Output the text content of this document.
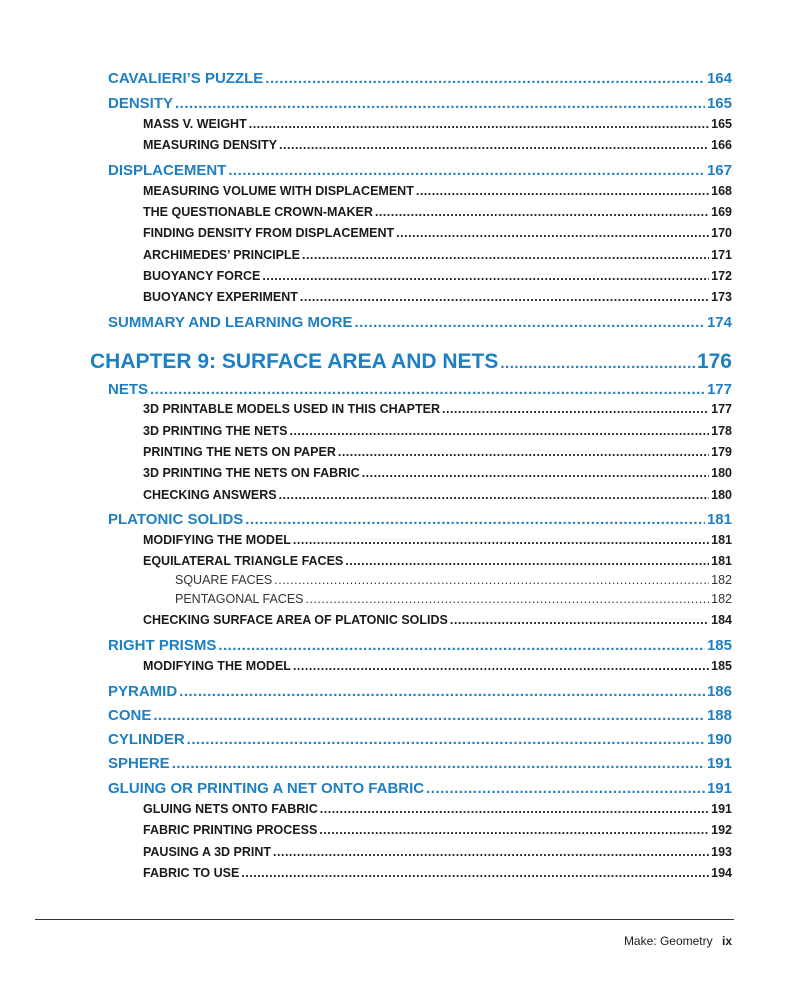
CAVALIERI’S PUZZLE .....	164
DENSITY .....	165
MASS V. WEIGHT .....	165
MEASURING DENSITY .....	166
DISPLACEMENT .....	167
MEASURING VOLUME WITH DISPLACEMENT .....	168
THE QUESTIONABLE CROWN-MAKER .....	169
FINDING DENSITY FROM DISPLACEMENT .....	170
ARCHIMEDES’ PRINCIPLE .....	171
BUOYANCY FORCE .....	172
BUOYANCY EXPERIMENT .....	173
SUMMARY AND LEARNING MORE .....	174
CHAPTER 9: SURFACE AREA AND NETS .....	176
NETS .....	177
3D PRINTABLE MODELS USED IN THIS CHAPTER .....	177
3D PRINTING THE NETS .....	178
PRINTING THE NETS ON PAPER .....	179
3D PRINTING THE NETS ON FABRIC .....	180
CHECKING ANSWERS .....	180
PLATONIC SOLIDS .....	181
MODIFYING THE MODEL .....	181
EQUILATERAL TRIANGLE FACES .....	181
SQUARE FACES .....	182
PENTAGONAL FACES .....	182
CHECKING SURFACE AREA OF PLATONIC SOLIDS .....	184
RIGHT PRISMS .....	185
MODIFYING THE MODEL .....	185
PYRAMID .....	186
CONE .....	188
CYLINDER .....	190
SPHERE .....	191
GLUING OR PRINTING A NET ONTO FABRIC .....	191
GLUING NETS ONTO FABRIC .....	191
FABRIC PRINTING PROCESS .....	192
PAUSING A 3D PRINT .....	193
FABRIC TO USE .....	194
Make: Geometry ix
